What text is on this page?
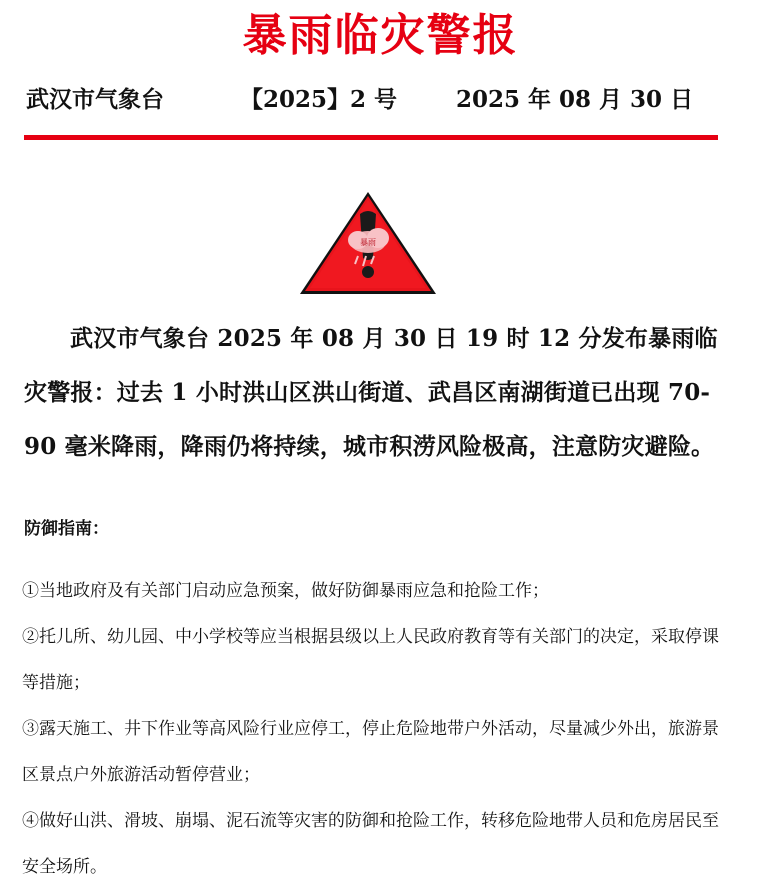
暴雨临灾警报
武汉市气象台	【2025】2 号	2025 年 08 月 30 日
暴雨
武汉市气象台 2025 年 08 月 30 日 19 时 12 分发布暴雨临灾警报：过去 1 小时洪山区洪山街道、武昌区南湖街道已出现 70-90 毫米降雨，降雨仍将持续，城市积涝风险极高，注意防灾避险。
防御指南：

①当地政府及有关部门启动应急预案，做好防御暴雨应急和抢险工作；

②托儿所、幼儿园、中小学校等应当根据县级以上人民政府教育等有关部门的决定，采取停课等措施；

③露天施工、井下作业等高风险行业应停工，停止危险地带户外活动，尽量减少外出，旅游景区景点户外旅游活动暂停营业；

④做好山洪、滑坡、崩塌、泥石流等灾害的防御和抢险工作，转移危险地带人员和危房居民至安全场所。
